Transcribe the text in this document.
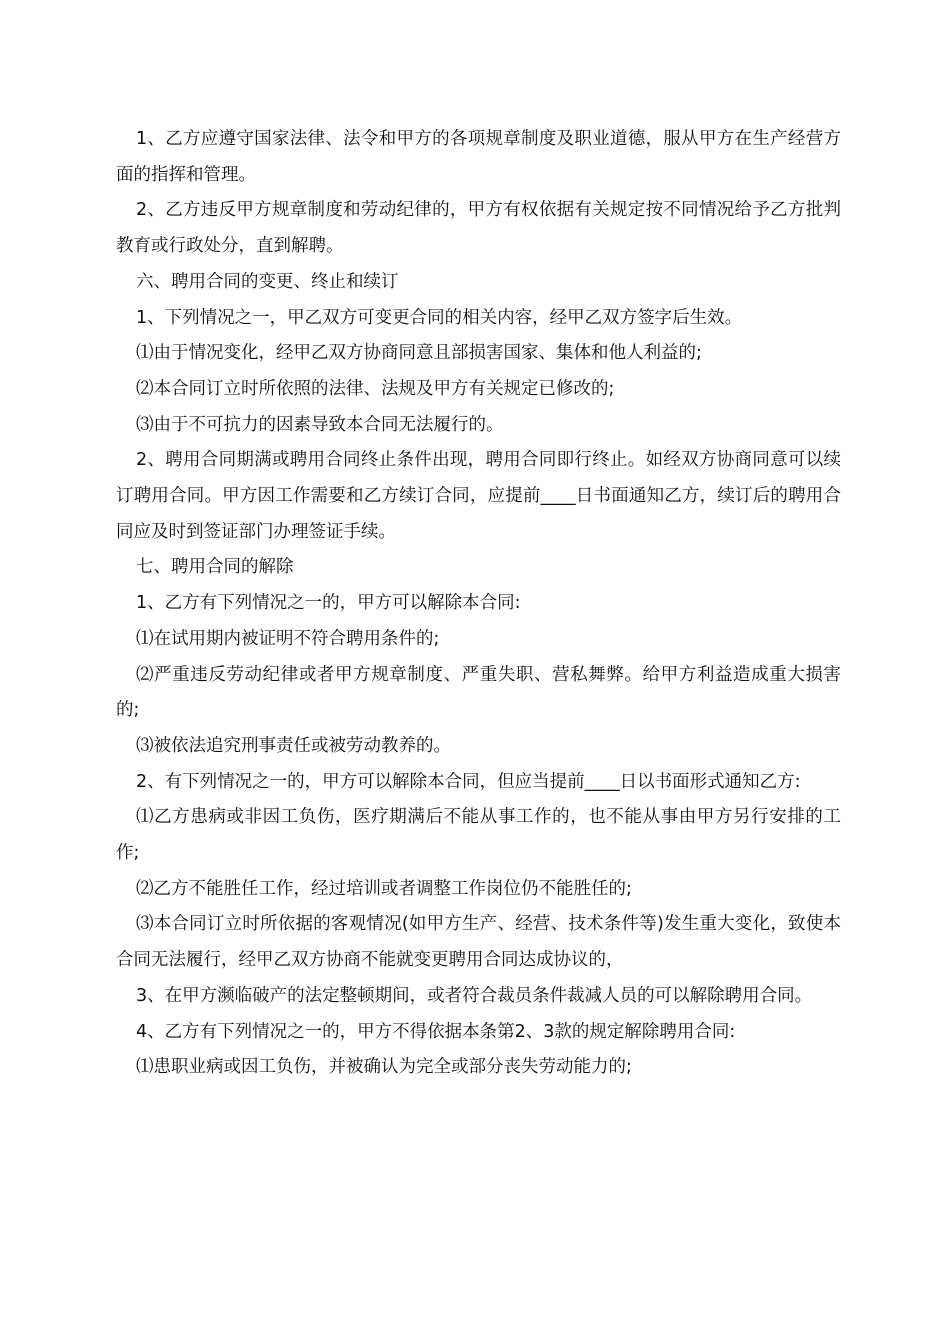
1、乙方应遵守国家法律、法令和甲方的各项规章制度及职业道德，服从甲方在生产经营方面的指挥和管理。

2、乙方违反甲方规章制度和劳动纪律的，甲方有权依据有关规定按不同情况给予乙方批判教育或行政处分，直到解聘。

六、聘用合同的变更、终止和续订

1、下列情况之一，甲乙双方可变更合同的相关内容，经甲乙双方签字后生效。

⑴由于情况变化，经甲乙双方协商同意且部损害国家、集体和他人利益的;

⑵本合同订立时所依照的法律、法规及甲方有关规定已修改的;

⑶由于不可抗力的因素导致本合同无法履行的。

2、聘用合同期满或聘用合同终止条件出现，聘用合同即行终止。如经双方协商同意可以续订聘用合同。甲方因工作需要和乙方续订合同，应提前____日书面通知乙方，续订后的聘用合同应及时到签证部门办理签证手续。

七、聘用合同的解除

1、乙方有下列情况之一的，甲方可以解除本合同:

⑴在试用期内被证明不符合聘用条件的;

⑵严重违反劳动纪律或者甲方规章制度、严重失职、营私舞弊。给甲方利益造成重大损害的;

⑶被依法追究刑事责任或被劳动教养的。

2、有下列情况之一的，甲方可以解除本合同，但应当提前____日以书面形式通知乙方:

⑴乙方患病或非因工负伤，医疗期满后不能从事工作的，也不能从事由甲方另行安排的工作;

⑵乙方不能胜任工作，经过培训或者调整工作岗位仍不能胜任的;

⑶本合同订立时所依据的客观情况(如甲方生产、经营、技术条件等)发生重大变化，致使本合同无法履行，经甲乙双方协商不能就变更聘用合同达成协议的，

3、在甲方濒临破产的法定整顿期间，或者符合裁员条件裁减人员的可以解除聘用合同。

4、乙方有下列情况之一的，甲方不得依据本条第2、3款的规定解除聘用合同:

⑴患职业病或因工负伤，并被确认为完全或部分丧失劳动能力的;
